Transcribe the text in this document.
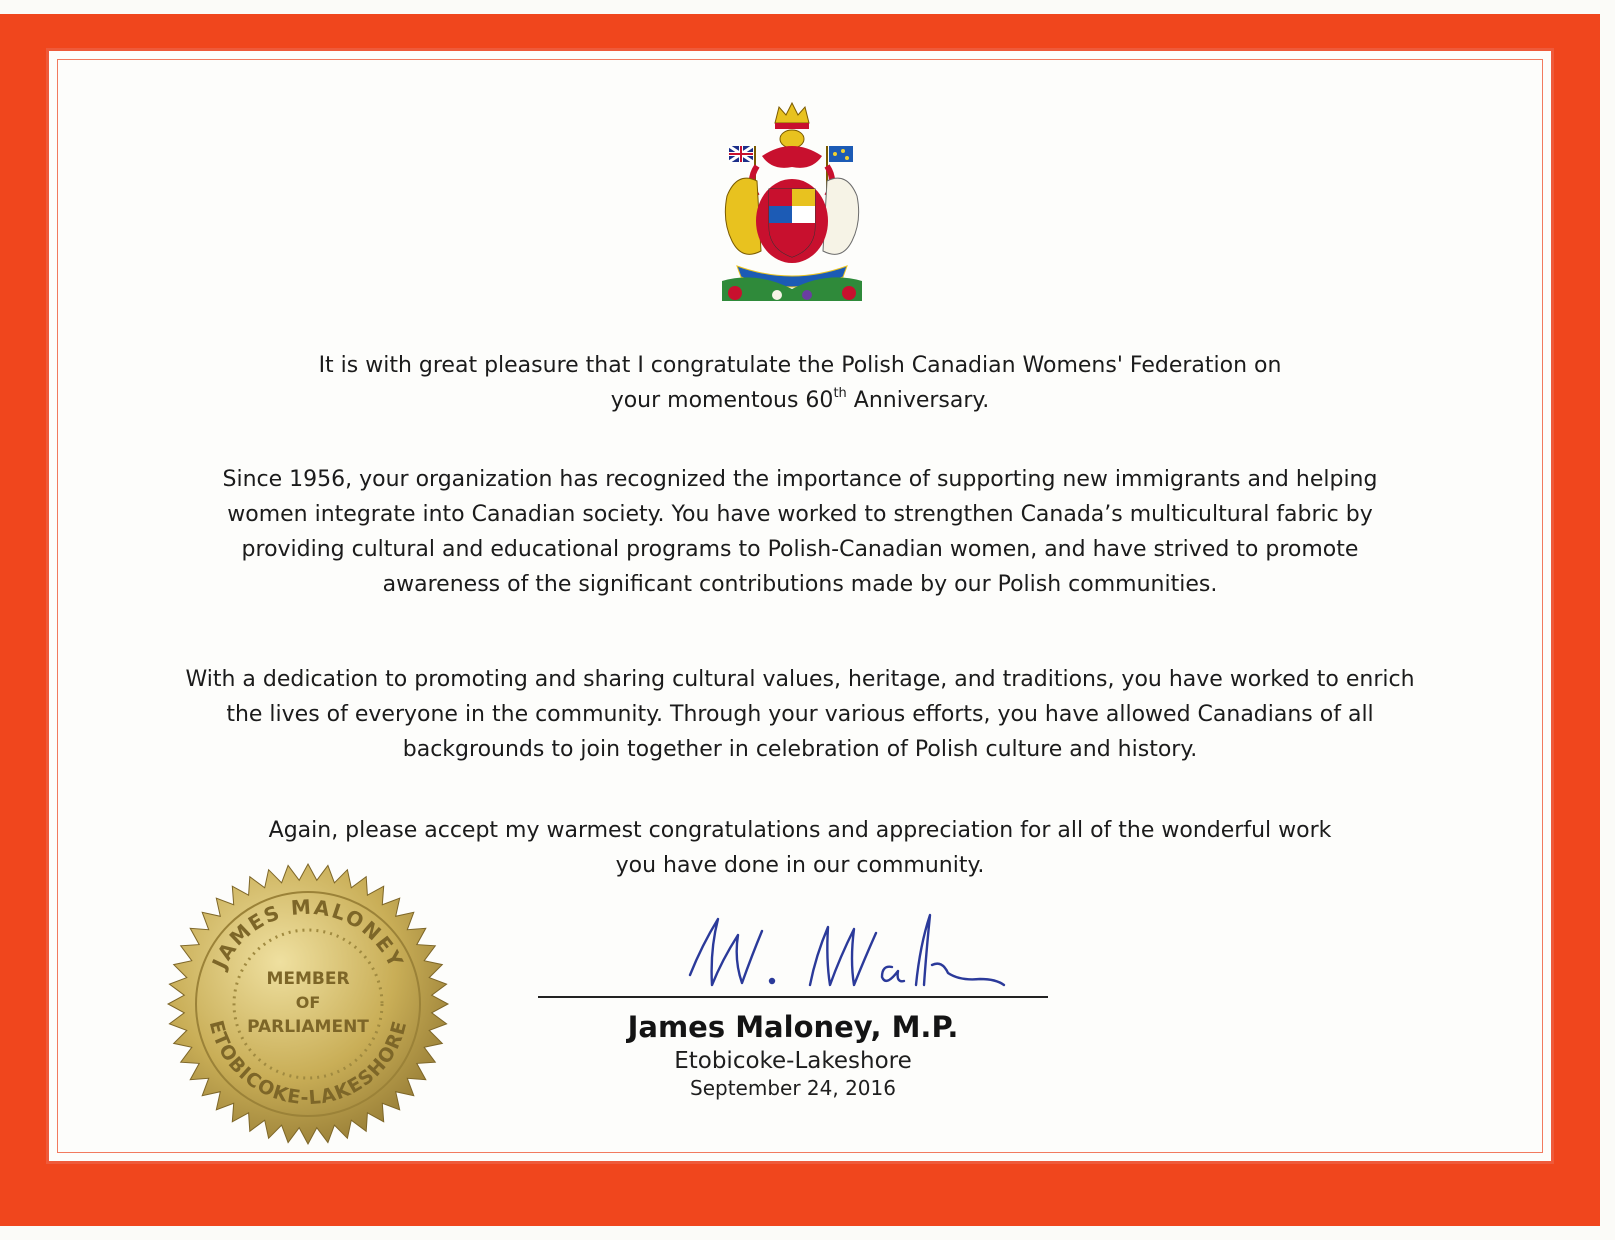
It is with great pleasure that I congratulate the Polish Canadian Womens' Federation on
your momentous 60th Anniversary.
Since 1956, your organization has recognized the importance of supporting new immigrants and helping
women integrate into Canadian society. You have worked to strengthen Canada’s multicultural fabric by
providing cultural and educational programs to Polish-Canadian women, and have strived to promote
awareness of the significant contributions made by our Polish communities.
With a dedication to promoting and sharing cultural values, heritage, and traditions, you have worked to enrich
the lives of everyone in the community. Through your various efforts, you have allowed Canadians of all
backgrounds to join together in celebration of Polish culture and history.
Again, please accept my warmest congratulations and appreciation for all of the wonderful work
you have done in our community.
JAMES MALONEY
ETOBICOKE-LAKESHORE
MEMBER
OF
PARLIAMENT	James Maloney, M.P.
Etobicoke-Lakeshore
September 24, 2016
